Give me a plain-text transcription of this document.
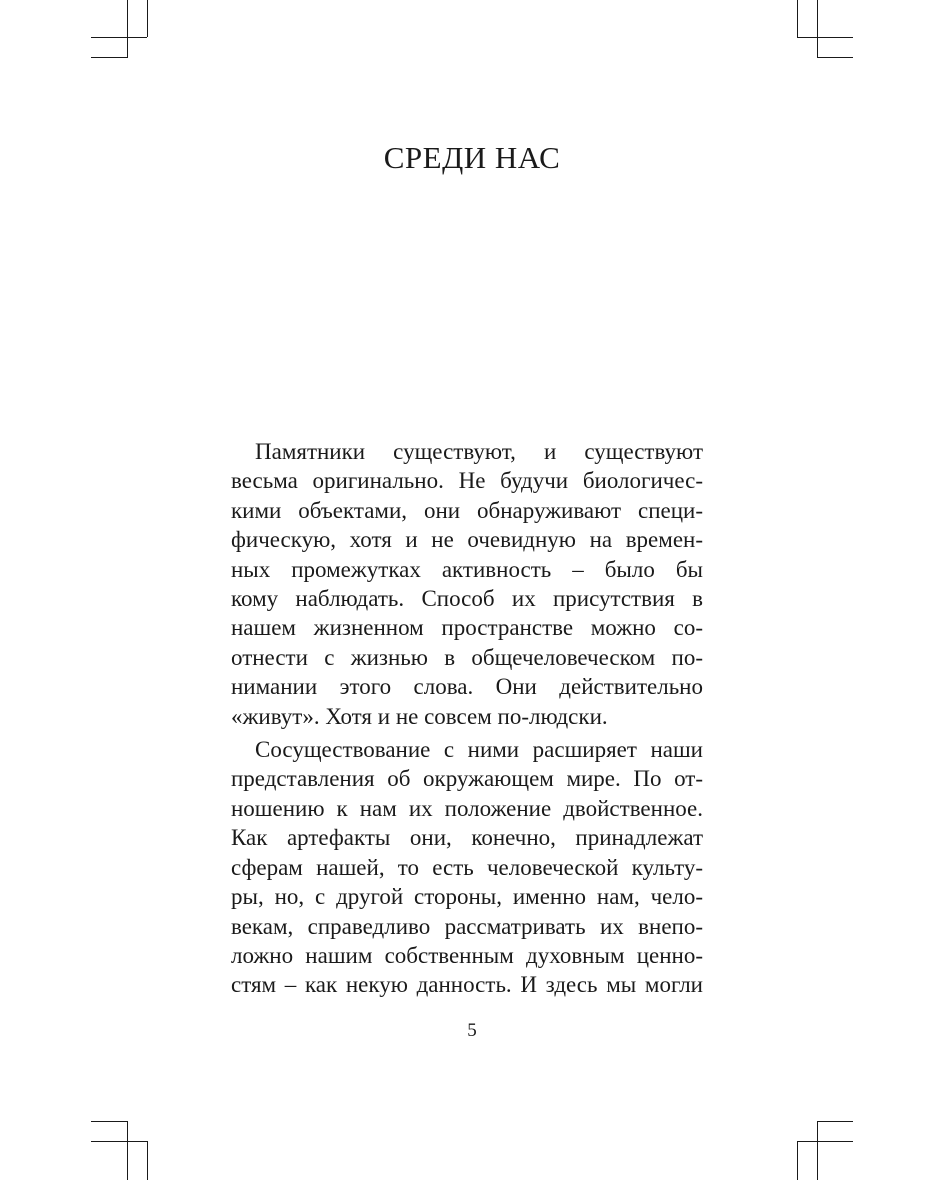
СРЕДИ НАС

Памятники существуют, и существуют
весьма оригинально. Не будучи биологичес-
кими объектами, они обнаруживают специ-
фическую, хотя и не очевидную на времен-
ных промежутках активность – было бы
кому наблюдать. Способ их присутствия в
нашем жизненном пространстве можно со-
отнести с жизнью в общечеловеческом по-
нимании этого слова. Они действительно
«живут». Хотя и не совсем по-людски.

Сосуществование с ними расширяет наши
представления об окружающем мире. По от-
ношению к нам их положение двойственное.
Как артефакты они, конечно, принадлежат
сферам нашей, то есть человеческой культу-
ры, но, с другой стороны, именно нам, чело-
векам, справедливо рассматривать их внепо-
ложно нашим собственным духовным ценно-
стям – как некую данность. И здесь мы могли

5
